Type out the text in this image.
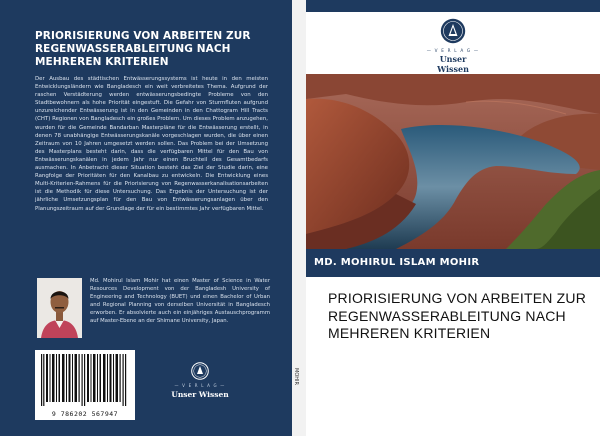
PRIORISIERUNG VON ARBEITEN ZUR REGENWASSERABLEITUNG NACH MEHREREN KRITERIEN
Der Ausbau des städtischen Entwässerungssystems ist heute in den meisten Entwicklungsländern wie Bangladesch ein weit verbreitetes Thema. Aufgrund der raschen Verstädterung werden entwässerungsbedingte Probleme von den Stadtbewohnern als hohe Priorität eingestuft. Die Gefahr von Sturmfluten aufgrund unzureichender Entwässerung ist in den Gemeinden in den Chattogram Hill Tracts (CHT) Regionen von Bangladesch ein großes Problem. Um dieses Problem anzugehen, wurden für die Gemeinde Bandarban Masterpläne für die Entwässerung erstellt, in denen 78 unabhängige Entwässerungskanäle vorgeschlagen wurden, die über einen Zeitraum von 10 Jahren umgesetzt werden sollen. Das Problem bei der Umsetzung des Masterplans besteht darin, dass die verfügbaren Mittel für den Bau von Entwässerungskanälen in jedem Jahr nur einen Bruchteil des Gesamtbedarfs ausmachen. In Anbetracht dieser Situation besteht das Ziel der Studie darin, eine Rangfolge der Prioritäten für den Kanalbau zu entwickeln. Die Entwicklung eines Multi-Kriterien-Rahmens für die Priorisierung von Regenwasserkanalisationsarbeiten ist die Methodik für diese Untersuchung. Das Ergebnis der Untersuchung ist der jährliche Umsetzungsplan für den Bau von Entwässerungsanlagen über den Planungszeitraum auf der Grundlage der für ein bestimmtes Jahr verfügbaren Mittel.
Md. Mohirul Islam Mohir hat einen Master of Science in Water Resources Development von der Bangladesh University of Engineering and Technology (BUET) und einen Bachelor of Urban and Regional Planning von derselben Universität in Bangladesch erworben. Er absolvierte auch ein einjähriges Austauschprogramm auf Master-Ebene an der Shimane University, Japan.
9 786202 567947
— V E R L A G —
Unser Wissen
MOHIR
— V E R L A G —
Unser Wissen
MD. MOHIRUL ISLAM MOHIR
PRIORISIERUNG VON ARBEITEN ZUR REGENWASSERABLEITUNG NACH MEHREREN KRITERIEN
